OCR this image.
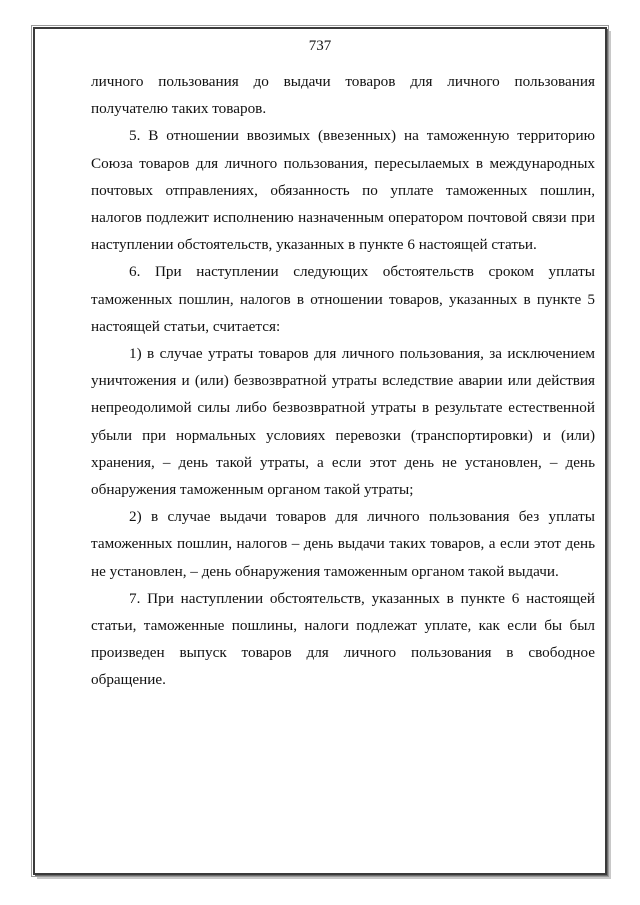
737

личного пользования до выдачи товаров для личного пользования получателю таких товаров.

5. В отношении ввозимых (ввезенных) на таможенную территорию Союза товаров для личного пользования, пересылаемых в международных почтовых отправлениях, обязанность по уплате таможенных пошлин, налогов подлежит исполнению назначенным оператором почтовой связи при наступлении обстоятельств, указанных в пункте 6 настоящей статьи.

6. При наступлении следующих обстоятельств сроком уплаты таможенных пошлин, налогов в отношении товаров, указанных в пункте 5 настоящей статьи, считается:

1) в случае утраты товаров для личного пользования, за исключением уничтожения и (или) безвозвратной утраты вследствие аварии или действия непреодолимой силы либо безвозвратной утраты в результате естественной убыли при нормальных условиях перевозки (транспортировки) и (или) хранения, – день такой утраты, а если этот день не установлен, – день обнаружения таможенным органом такой утраты;

2) в случае выдачи товаров для личного пользования без уплаты таможенных пошлин, налогов – день выдачи таких товаров, а если этот день не установлен, – день обнаружения таможенным органом такой выдачи.

7. При наступлении обстоятельств, указанных в пункте 6 настоящей статьи, таможенные пошлины, налоги подлежат уплате, как если бы был произведен выпуск товаров для личного пользования в свободное обращение.
